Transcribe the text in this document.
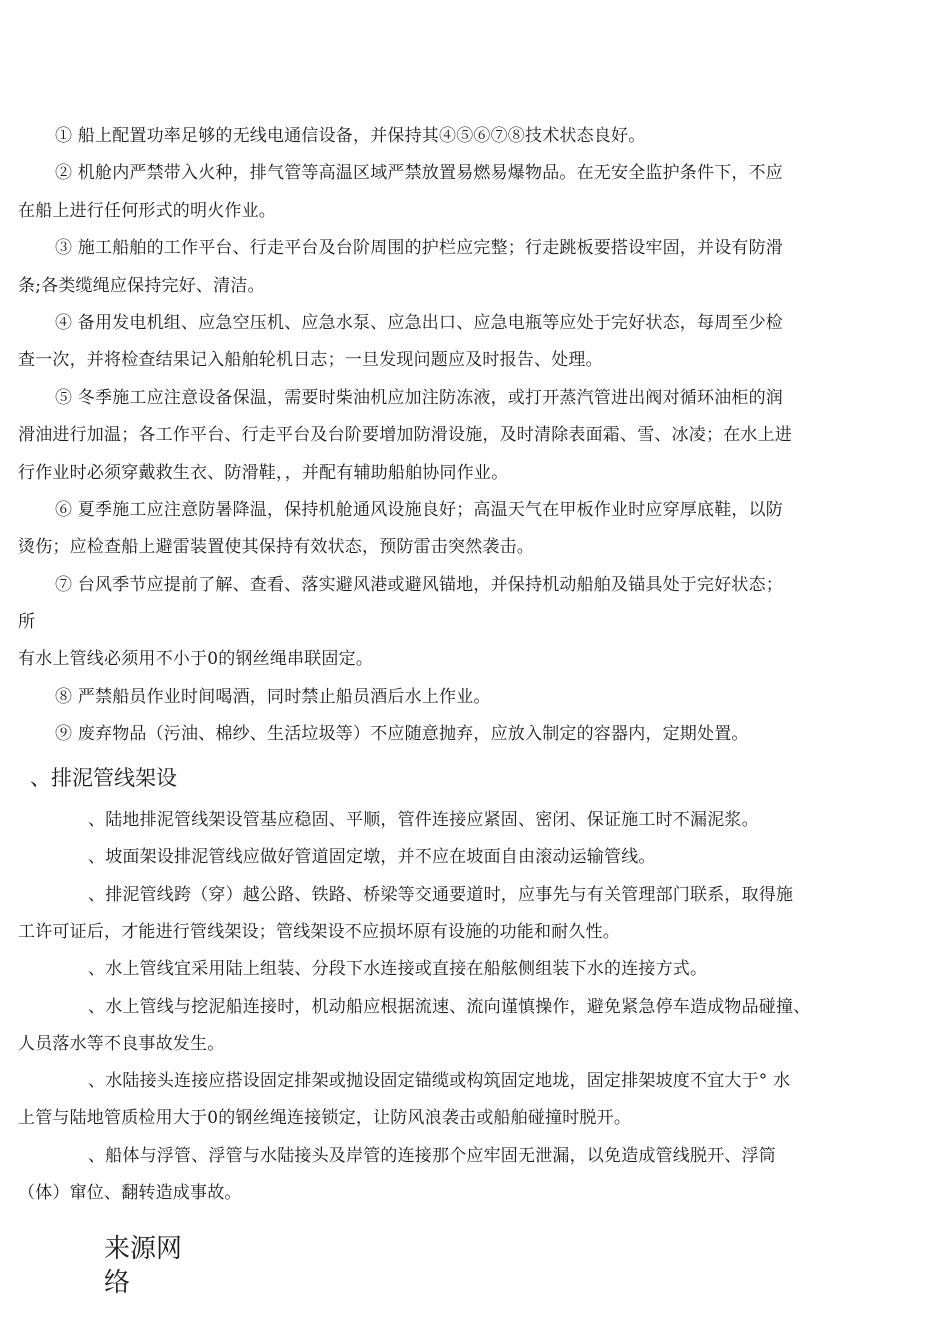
① 船上配置功率足够的无线电通信设备，并保持其④⑤⑥⑦⑧技术状态良好。
② 机舱内严禁带入火种，排气管等高温区域严禁放置易燃易爆物品。在无安全监护条件下，不应
在船上进行任何形式的明火作业。
③ 施工船舶的工作平台、行走平台及台阶周围的护栏应完整；行走跳板要搭设牢固，并设有防滑
条;各类缆绳应保持完好、清洁。
④ 备用发电机组、应急空压机、应急水泵、应急出口、应急电瓶等应处于完好状态，每周至少检
查一次，并将检查结果记入船舶轮机日志；一旦发现问题应及时报告、处理。
⑤ 冬季施工应注意设备保温，需要时柴油机应加注防冻液，或打开蒸汽管进出阀对循环油柜的润
滑油进行加温；各工作平台、行走平台及台阶要增加防滑设施，及时清除表面霜、雪、冰凌；在水上进
行作业时必须穿戴救生衣、防滑鞋，，并配有辅助船舶协同作业。
⑥ 夏季施工应注意防暑降温，保持机舱通风设施良好；高温天气在甲板作业时应穿厚底鞋，以防
烫伤；应检查船上避雷装置使其保持有效状态，预防雷击突然袭击。
⑦ 台风季节应提前了解、查看、落实避风港或避风锚地，并保持机动船舶及锚具处于完好状态；
所
有水上管线必须用不小于0的钢丝绳串联固定。
⑧ 严禁船员作业时间喝酒，同时禁止船员酒后水上作业。
⑨ 废弃物品（污油、棉纱、生活垃圾等）不应随意抛弃，应放入制定的容器内，定期处置。
、排泥管线架设
、陆地排泥管线架设管基应稳固、平顺，管件连接应紧固、密闭、保证施工时不漏泥浆。
、坡面架设排泥管线应做好管道固定墩，并不应在坡面自由滚动运输管线。
、排泥管线跨（穿）越公路、铁路、桥梁等交通要道时，应事先与有关管理部门联系，取得施
工许可证后，才能进行管线架设；管线架设不应损坏原有设施的功能和耐久性。
、水上管线宜采用陆上组装、分段下水连接或直接在船舷侧组装下水的连接方式。
、水上管线与挖泥船连接时，机动船应根据流速、流向谨慎操作，避免紧急停车造成物品碰撞、
人员落水等不良事故发生。
、水陆接头连接应搭设固定排架或抛设固定锚缆或构筑固定地垅，固定排架坡度不宜大于° 水
上管与陆地管质检用大于0的钢丝绳连接锁定，让防风浪袭击或船舶碰撞时脱开。
、船体与浮管、浮管与水陆接头及岸管的连接那个应牢固无泄漏，以免造成管线脱开、浮筒
（体）窜位、翻转造成事故。
来源网络
